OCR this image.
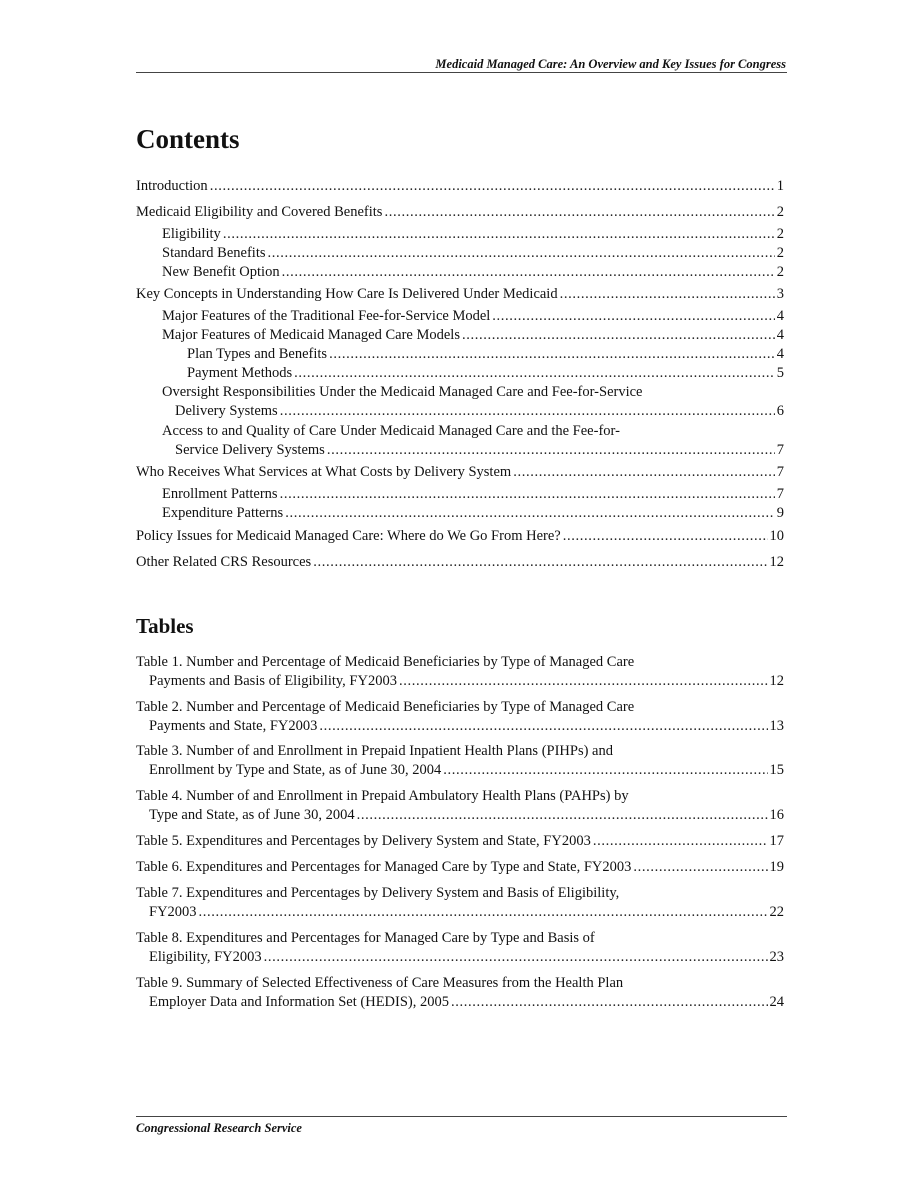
Medicaid Managed Care: An Overview and Key Issues for Congress
Contents
Introduction . . .	1
Medicaid Eligibility and Covered Benefits . . .	2
Eligibility . . .	2
Standard Benefits . . .	2
New Benefit Option . . .	2
Key Concepts in Understanding How Care Is Delivered Under Medicaid . . .	3
Major Features of the Traditional Fee-for-Service Model . . .	4
Major Features of Medicaid Managed Care Models . . .	4
Plan Types and Benefits . . .	4
Payment Methods . . .	5
Oversight Responsibilities Under the Medicaid Managed Care and Fee-for-Service
Delivery Systems . . .	6
Access to and Quality of Care Under Medicaid Managed Care and the Fee-for-
Service Delivery Systems . . .	7
Who Receives What Services at What Costs by Delivery System . . .	7
Enrollment Patterns . . .	7
Expenditure Patterns . . .	9
Policy Issues for Medicaid Managed Care: Where do We Go From Here? . . .	10
Other Related CRS Resources . . .	12
Tables
Table 1. Number and Percentage of Medicaid Beneficiaries by Type of Managed Care
Payments and Basis of Eligibility, FY2003 . . .	12
Table 2. Number and Percentage of Medicaid Beneficiaries by Type of Managed Care
Payments and State, FY2003 . . .	13
Table 3. Number of and Enrollment in Prepaid Inpatient Health Plans (PIHPs) and
Enrollment by Type and State, as of June 30, 2004 . . .	15
Table 4. Number of and Enrollment in Prepaid Ambulatory Health Plans (PAHPs) by
Type and State, as of June 30, 2004 . . .	16
Table 5. Expenditures and Percentages by Delivery System and State, FY2003 . . .	17
Table 6. Expenditures and Percentages for Managed Care by Type and State, FY2003 . . .	19
Table 7. Expenditures and Percentages by Delivery System and Basis of Eligibility,
FY2003 . . .	22
Table 8. Expenditures and Percentages for Managed Care by Type and Basis of
Eligibility, FY2003 . . .	23
Table 9. Summary of Selected Effectiveness of Care Measures from the Health Plan
Employer Data and Information Set (HEDIS), 2005 . . .	24
Congressional Research Service
